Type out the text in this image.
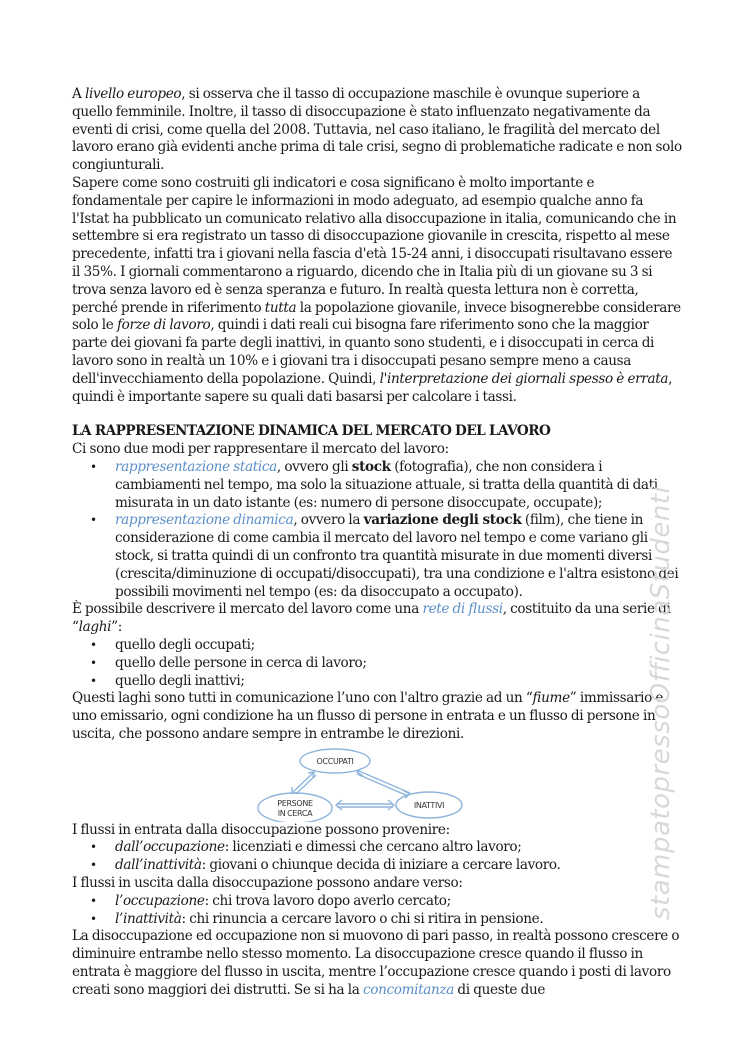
A livello europeo, si osserva che il tasso di occupazione maschile è ovunque superiore a quello femminile. Inoltre, il tasso di disoccupazione è stato influenzato negativamente da eventi di crisi, come quella del 2008. Tuttavia, nel caso italiano, le fragilità del mercato del lavoro erano già evidenti anche prima di tale crisi, segno di problematiche radicate e non solo congiunturali.

Sapere come sono costruiti gli indicatori e cosa significano è molto importante e fondamentale per capire le informazioni in modo adeguato, ad esempio qualche anno fa l'Istat ha pubblicato un comunicato relativo alla disoccupazione in italia, comunicando che in settembre si era registrato un tasso di disoccupazione giovanile in crescita, rispetto al mese precedente, infatti tra i giovani nella fascia d'età 15-24 anni, i disoccupati risultavano essere il 35%. I giornali commentarono a riguardo, dicendo che in Italia più di un giovane su 3 si trova senza lavoro ed è senza speranza e futuro. In realtà questa lettura non è corretta, perché prende in riferimento tutta la popolazione giovanile, invece bisognerebbe considerare solo le forze di lavoro, quindi i dati reali cui bisogna fare riferimento sono che la maggior parte dei giovani fa parte degli inattivi, in quanto sono studenti, e i disoccupati in cerca di lavoro sono in realtà un 10% e i giovani tra i disoccupati pesano sempre meno a causa dell'invecchiamento della popolazione. Quindi, l'interpretazione dei giornali spesso è errata, quindi è importante sapere su quali dati basarsi per calcolare i tassi.

LA RAPPRESENTAZIONE DINAMICA DEL MERCATO DEL LAVORO

Ci sono due modi per rappresentare il mercato del lavoro:

• rappresentazione statica, ovvero gli stock (fotografia), che non considera i cambiamenti nel tempo, ma solo la situazione attuale, si tratta della quantità di dati misurata in un dato istante (es: numero di persone disoccupate, occupate);
• rappresentazione dinamica, ovvero la variazione degli stock (film), che tiene in considerazione di come cambia il mercato del lavoro nel tempo e come variano gli stock, si tratta quindi di un confronto tra quantità misurate in due momenti diversi (crescita/diminuzione di occupati/disoccupati), tra una condizione e l'altra esistono dei possibili movimenti nel tempo (es: da disoccupato a occupato).

È possibile descrivere il mercato del lavoro come una rete di flussi, costituito da una serie di “laghi”:

• quello degli occupati;
• quello delle persone in cerca di lavoro;
• quello degli inattivi;

Questi laghi sono tutti in comunicazione l’uno con l'altro grazie ad un “fiume” immissario e uno emissario, ogni condizione ha un flusso di persone in entrata e un flusso di persone in uscita, che possono andare sempre in entrambe le direzioni.

OCCUPATI
PERSONE
IN CERCA
INATTIVI

I flussi in entrata dalla disoccupazione possono provenire:

• dall’occupazione: licenziati e dimessi che cercano altro lavoro;
• dall’inattività: giovani o chiunque decida di iniziare a cercare lavoro.

I flussi in uscita dalla disoccupazione possono andare verso:

• l’occupazione: chi trova lavoro dopo averlo cercato;
• l’inattività: chi rinuncia a cercare lavoro o chi si ritira in pensione.

La disoccupazione ed occupazione non si muovono di pari passo, in realtà possono crescere o diminuire entrambe nello stesso momento. La disoccupazione cresce quando il flusso in entrata è maggiore del flusso in uscita, mentre l’occupazione cresce quando i posti di lavoro creati sono maggiori dei distrutti. Se si ha la concomitanza di queste due

stampatopressoOfficinaStudenti
